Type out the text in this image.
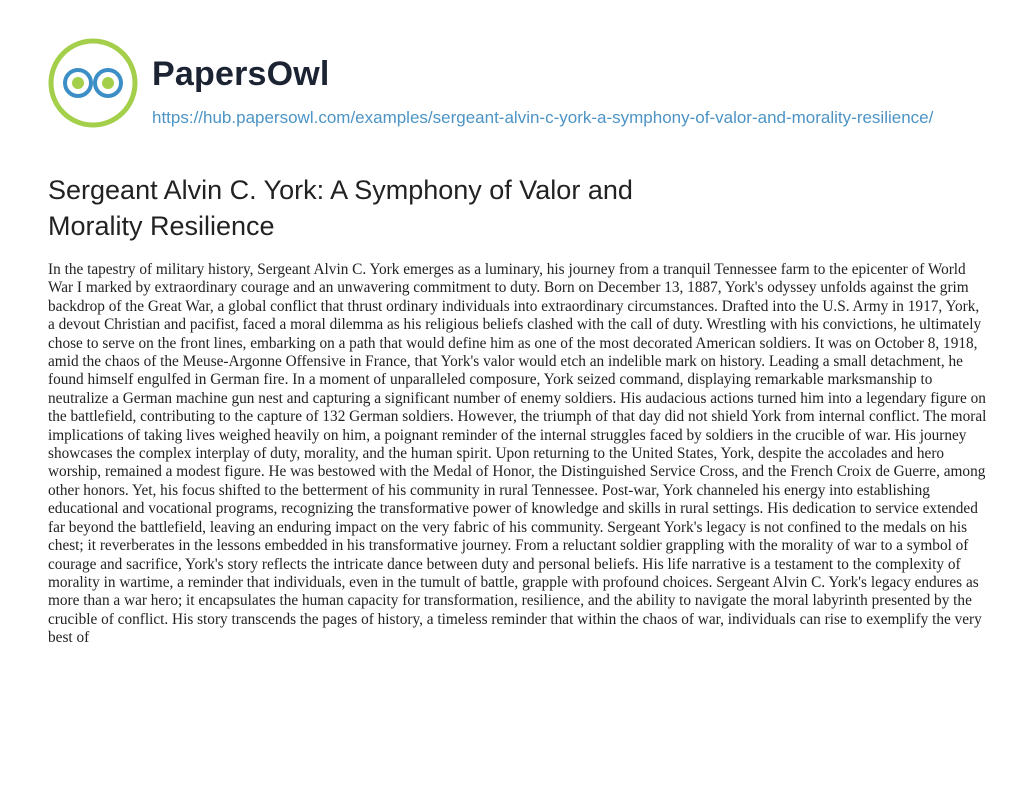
PapersOwl
https://hub.papersowl.com/examples/sergeant-alvin-c-york-a-symphony-of-valor-and-morality-resilience/
Sergeant Alvin C. York: A Symphony of Valor and Morality Resilience

In the tapestry of military history, Sergeant Alvin C. York emerges as a luminary, his journey from a tranquil Tennessee farm to the epicenter of World War I marked by extraordinary courage and an unwavering commitment to duty. Born on December 13, 1887, York's odyssey unfolds against the grim backdrop of the Great War, a global conflict that thrust ordinary individuals into extraordinary circumstances. Drafted into the U.S. Army in 1917, York, a devout Christian and pacifist, faced a moral dilemma as his religious beliefs clashed with the call of duty. Wrestling with his convictions, he ultimately chose to serve on the front lines, embarking on a path that would define him as one of the most decorated American soldiers. It was on October 8, 1918, amid the chaos of the Meuse-Argonne Offensive in France, that York's valor would etch an indelible mark on history. Leading a small detachment, he found himself engulfed in German fire. In a moment of unparalleled composure, York seized command, displaying remarkable marksmanship to neutralize a German machine gun nest and capturing a significant number of enemy soldiers. His audacious actions turned him into a legendary figure on the battlefield, contributing to the capture of 132 German soldiers. However, the triumph of that day did not shield York from internal conflict. The moral implications of taking lives weighed heavily on him, a poignant reminder of the internal struggles faced by soldiers in the crucible of war. His journey showcases the complex interplay of duty, morality, and the human spirit. Upon returning to the United States, York, despite the accolades and hero worship, remained a modest figure. He was bestowed with the Medal of Honor, the Distinguished Service Cross, and the French Croix de Guerre, among other honors. Yet, his focus shifted to the betterment of his community in rural Tennessee. Post-war, York channeled his energy into establishing educational and vocational programs, recognizing the transformative power of knowledge and skills in rural settings. His dedication to service extended far beyond the battlefield, leaving an enduring impact on the very fabric of his community. Sergeant York's legacy is not confined to the medals on his chest; it reverberates in the lessons embedded in his transformative journey. From a reluctant soldier grappling with the morality of war to a symbol of courage and sacrifice, York's story reflects the intricate dance between duty and personal beliefs. His life narrative is a testament to the complexity of morality in wartime, a reminder that individuals, even in the tumult of battle, grapple with profound choices. Sergeant Alvin C. York's legacy endures as more than a war hero; it encapsulates the human capacity for transformation, resilience, and the ability to navigate the moral labyrinth presented by the crucible of conflict. His story transcends the pages of history, a timeless reminder that within the chaos of war, individuals can rise to exemplify the very best of
